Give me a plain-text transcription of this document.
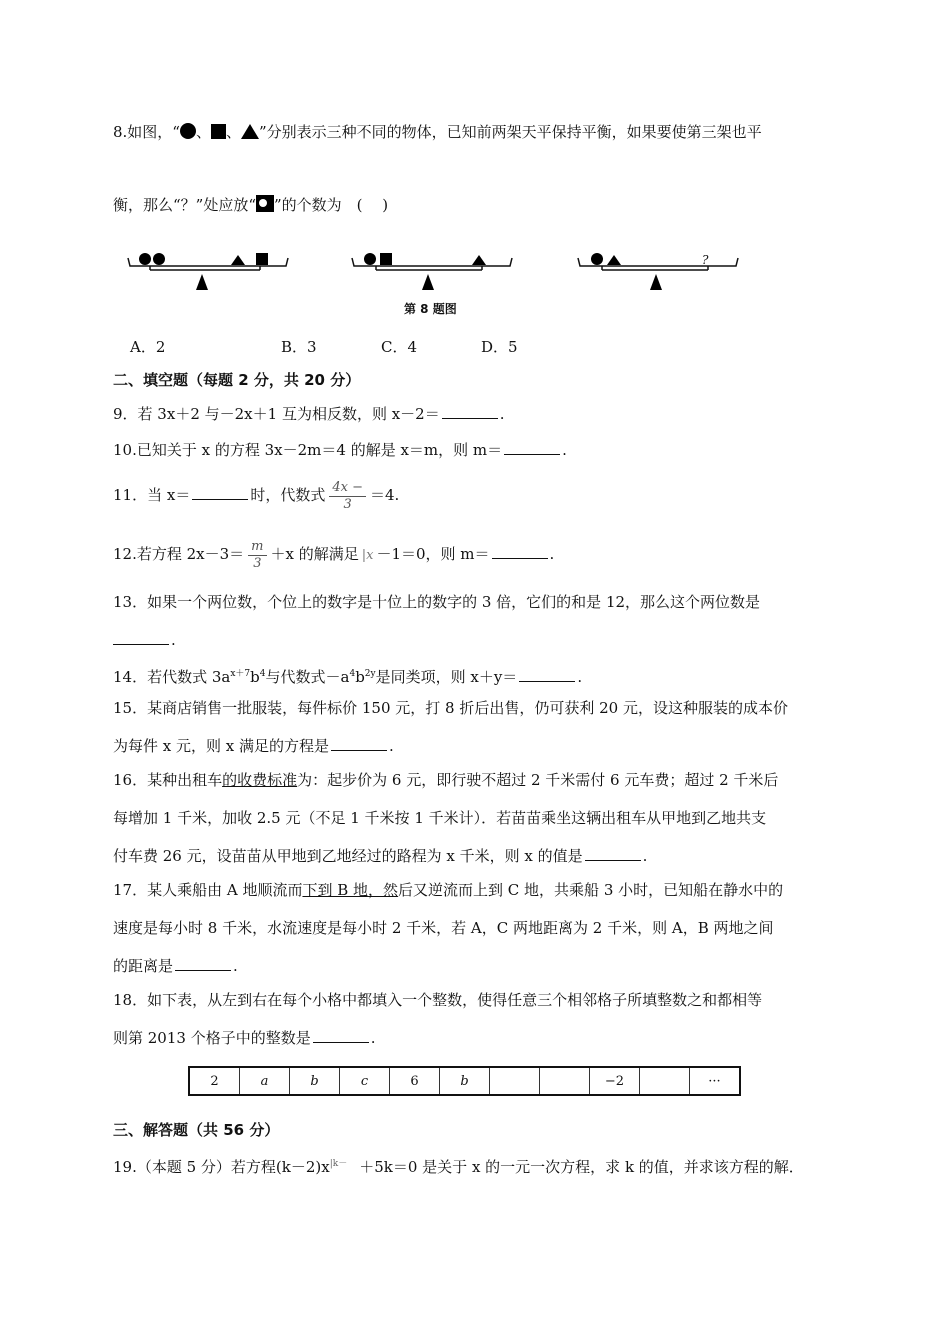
8.如图，“ 、 、 ”分别表示三种不同的物体，已知前两架天平保持平衡，如果要使第三架也平
衡，那么“？”处应放“ ”的个数为　(　 )
?
第 8 题图
A．2	B．3	C．4	D．5
二、填空题（每题 2 分，共 20 分）
9．若 3x＋2 与－2x＋1 互为相反数，则 x－2＝	.
10.已知关于 x 的方程 3x－2m＝4 的解是 x＝m，则 m＝	.
11．当 x＝	时，代数式 $\frac{4x -}{3} =4$.
12.若方程 $2x-3= \frac{m}{3} +x$ 的解满足 |x －1＝0，则 m＝	.
13．如果一个两位数，个位上的数字是十位上的数字的 3 倍，它们的和是 12，那么这个两位数是
.
14．若代数式 $3a^{x+7}b^4$与代数式$-a^4b^{2y}$是同类项，则 x＋y＝	.
15．某商店销售一批服装，每件标价 150 元，打 8 折后出售，仍可获利 20 元，设这种服装的成本价
为每件 x 元，则 x 满足的方程是	.
16．某种出租车的收费标准为：起步价为 6 元，即行驶不超过 2 千米需付 6 元车费；超过 2 千米后
每增加 1 千米，加收 2.5 元（不足 1 千米按 1 千米计）．若苗苗乘坐这辆出租车从甲地到乙地共支
付车费 26 元，设苗苗从甲地到乙地经过的路程为 x 千米，则 x 的值是	.
17．某人乘船由 A 地顺流而下到 B 地，然后又逆流而上到 C 地，共乘船 3 小时，已知船在静水中的
速度是每小时 8 千米，水流速度是每小时 2 千米，若 A，C 两地距离为 2 千米，则 A，B 两地之间
的距离是	.
18．如下表，从左到右在每个小格中都填入一个整数，使得任意三个相邻格子所填整数之和都相等
则第 2013 个格子中的整数是	.
2	a	b	c	6	b			−2		···
三、解答题（共 56 分）
19.（本题 5 分）若方程$(k-2)x^{|k-} +5k=0$ 是关于 x 的一元一次方程，求 k 的值，并求该方程的解．
